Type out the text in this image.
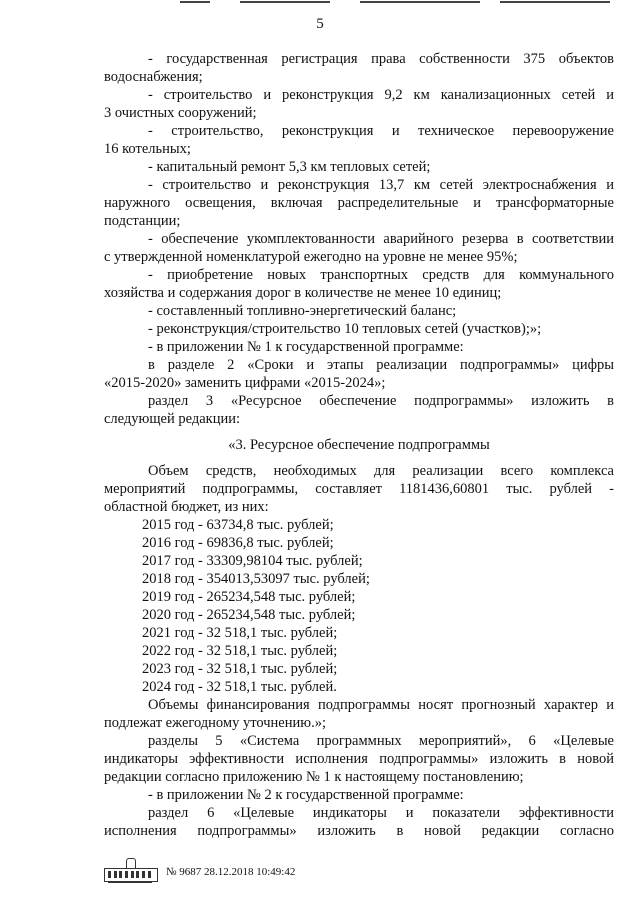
5
- государственная регистрация права собственности 375 объектов
водоснабжения;
- строительство и реконструкция 9,2 км канализационных сетей и
3 очистных сооружений;
- строительство, реконструкция и техническое перевооружение
16 котельных;
- капитальный ремонт 5,3 км тепловых сетей;
- строительство и реконструкция 13,7 км сетей электроснабжения и
наружного освещения, включая распределительные и трансформаторные
подстанции;
- обеспечение укомплектованности аварийного резерва в соответствии
с утвержденной номенклатурой ежегодно на уровне не менее 95%;
- приобретение новых транспортных средств для коммунального
хозяйства и содержания дорог в количестве не менее 10 единиц;
- составленный топливно-энергетический баланс;
- реконструкция/строительство 10 тепловых сетей (участков);»;
- в приложении № 1 к государственной программе:
в разделе 2 «Сроки и этапы реализации подпрограммы» цифры
«2015-2020» заменить цифрами «2015-2024»;
раздел 3 «Ресурсное обеспечение подпрограммы» изложить в
следующей редакции:
«3. Ресурсное обеспечение подпрограммы
Объем средств, необходимых для реализации всего комплекса
мероприятий подпрограммы, составляет 1181436,60801 тыс. рублей -
областной бюджет, из них:
2015 год - 63734,8 тыс. рублей;
2016 год - 69836,8 тыс. рублей;
2017 год - 33309,98104 тыс. рублей;
2018 год - 354013,53097 тыс. рублей;
2019 год - 265234,548 тыс. рублей;
2020 год - 265234,548 тыс. рублей;
2021 год - 32 518,1 тыс. рублей;
2022 год - 32 518,1 тыс. рублей;
2023 год - 32 518,1 тыс. рублей;
2024 год - 32 518,1 тыс. рублей.
Объемы финансирования подпрограммы носят прогнозный характер и
подлежат ежегодному уточнению.»;
разделы 5 «Система программных мероприятий», 6 «Целевые
индикаторы эффективности исполнения подпрограммы» изложить в новой
редакции согласно приложению № 1 к настоящему постановлению;
- в приложении № 2 к государственной программе:
раздел 6 «Целевые индикаторы и показатели эффективности
исполнения подпрограммы» изложить в новой редакции согласно
№ 9687 28.12.2018 10:49:42
